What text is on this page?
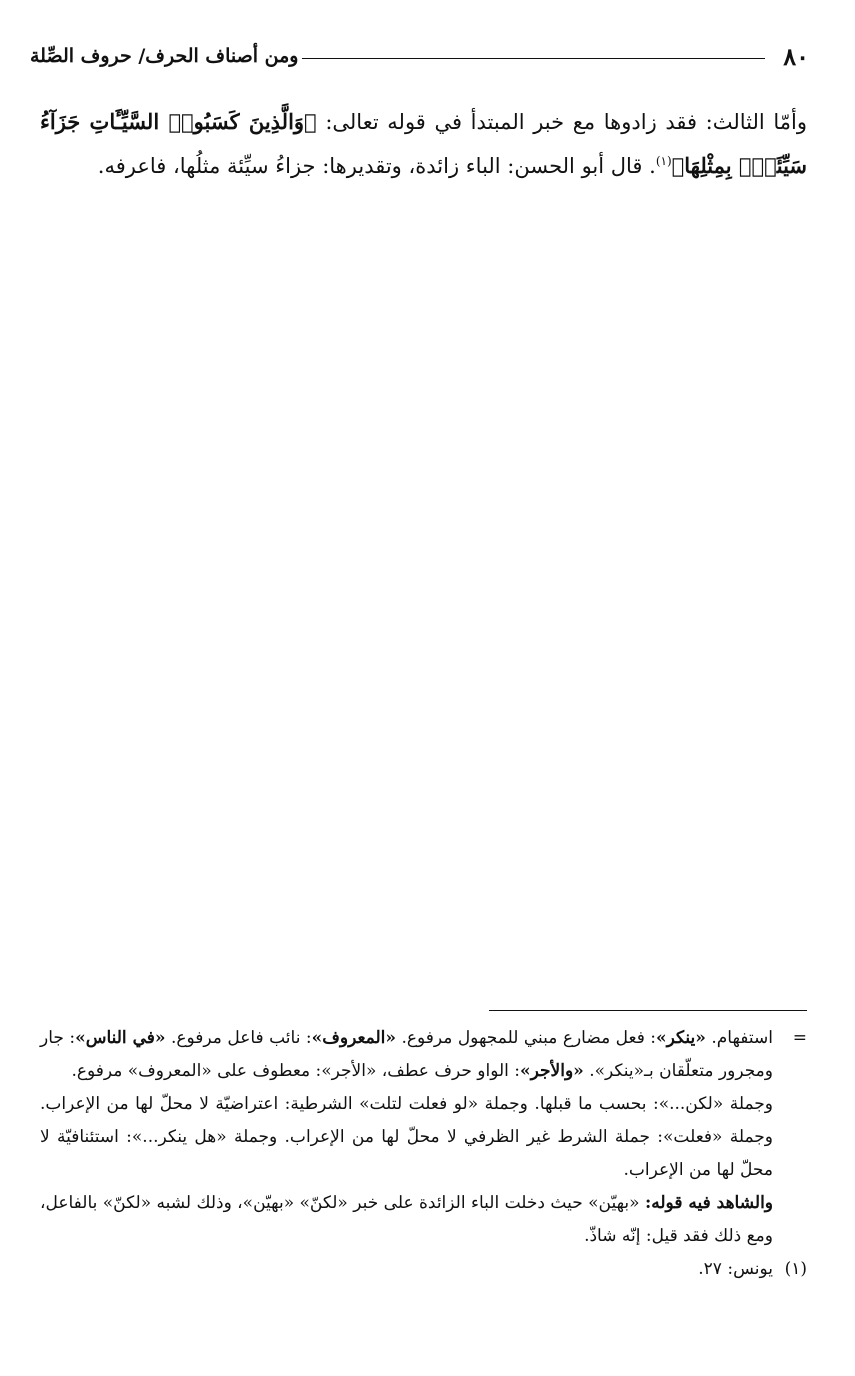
٨٠
ومن أصناف الحرف/ حروف الصِّلة
وأمّا الثالث: فقد زادوها مع خبر المبتدأ في قوله تعالى: ﴿وَالَّذِينَ كَسَبُوا۟ السَّيِّـَٔاتِ جَزَآءُ سَيِّئَةٍۭ بِمِثْلِهَا﴾$^{(١)}$. قال أبو الحسن: الباء زائدة، وتقديرها: جزاءُ سيِّئة مثلُها، فاعرفه.
=

استفهام. «ينكر»: فعل مضارع مبني للمجهول مرفوع. «المعروف»: نائب فاعل مرفوع. «في الناس»: جار ومجرور متعلّقان بـ«ينكر». «والأجر»: الواو حرف عطف، «الأجر»: معطوف على «المعروف» مرفوع.

وجملة «لكن...»: بحسب ما قبلها. وجملة «لو فعلت لتلت» الشرطية: اعتراضيّة لا محلّ لها من الإعراب. وجملة «فعلت»: جملة الشرط غير الظرفي لا محلّ لها من الإعراب. وجملة «هل ينكر...»: استئنافيّة لا محلّ لها من الإعراب.

والشاهد فيه قوله: «بهيّن» حيث دخلت الباء الزائدة على خبر «لكنّ» «بهيّن»، وذلك لشبه «لكنّ» بالفاعل، ومع ذلك فقد قيل: إنّه شاذّ.

(١)

يونس: ٢٧.
